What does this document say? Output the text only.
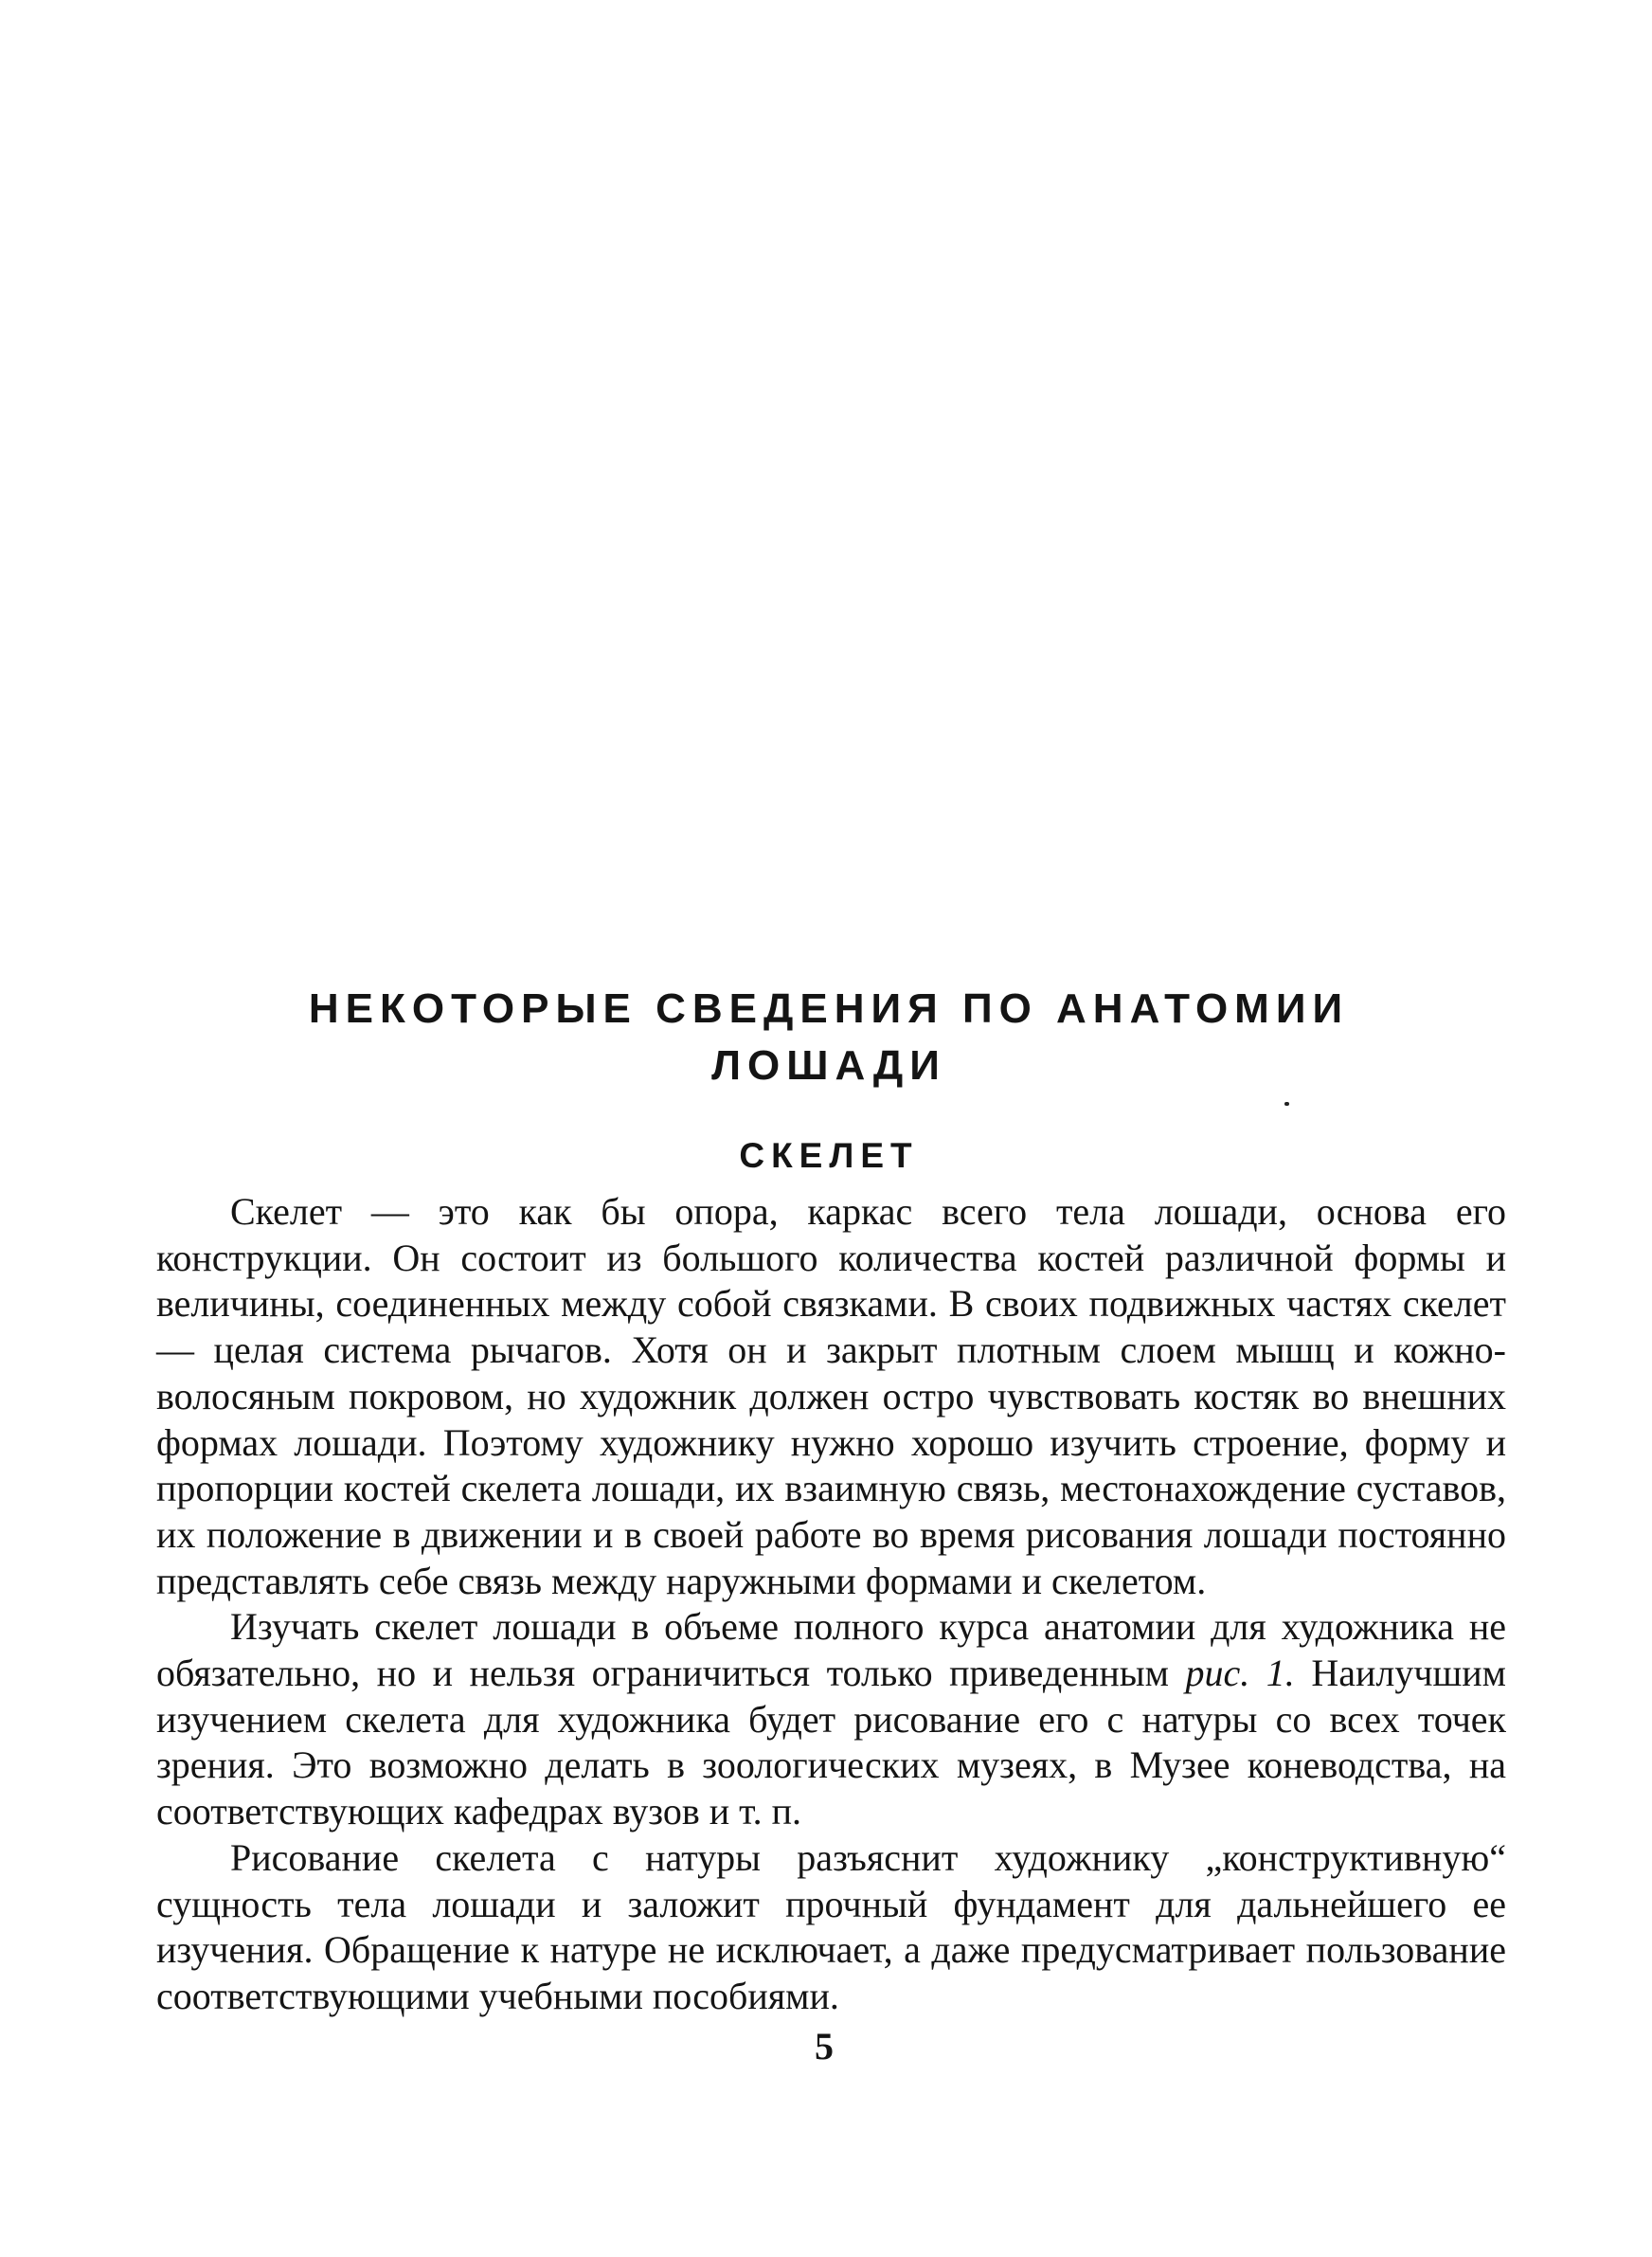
НЕКОТОРЫЕ СВЕДЕНИЯ ПО АНАТОМИИ ЛОШАДИ
СКЕЛЕТ

Скелет — это как бы опора, каркас всего тела лошади, основа его конструкции. Он состоит из большого количества костей различной формы и величины, соединенных между собой связками. В своих подвижных частях скелет — целая система рычагов. Хотя он и закрыт плотным слоем мышц и кожно-волосяным покровом, но художник должен остро чувствовать костяк во внешних формах лошади. Поэтому художнику нужно хорошо изучить строение, форму и пропорции костей скелета лошади, их взаимную связь, местонахождение суставов, их положение в движении и в своей работе во время рисования лошади постоянно представлять себе связь между наружными формами и скелетом.

Изучать скелет лошади в объеме полного курса анатомии для художника не обязательно, но и нельзя ограничиться только приведенным рис. 1. Наилучшим изучением скелета для художника будет рисование его с натуры со всех точек зрения. Это возможно делать в зоологических музеях, в Музее коневодства, на соответствующих кафедрах вузов и т. п.

Рисование скелета с натуры разъяснит художнику „конструктивную“ сущность тела лошади и заложит прочный фундамент для дальнейшего ее изучения. Обращение к натуре не исключает, а даже предусматривает пользование соответствующими учебными пособиями.

5
